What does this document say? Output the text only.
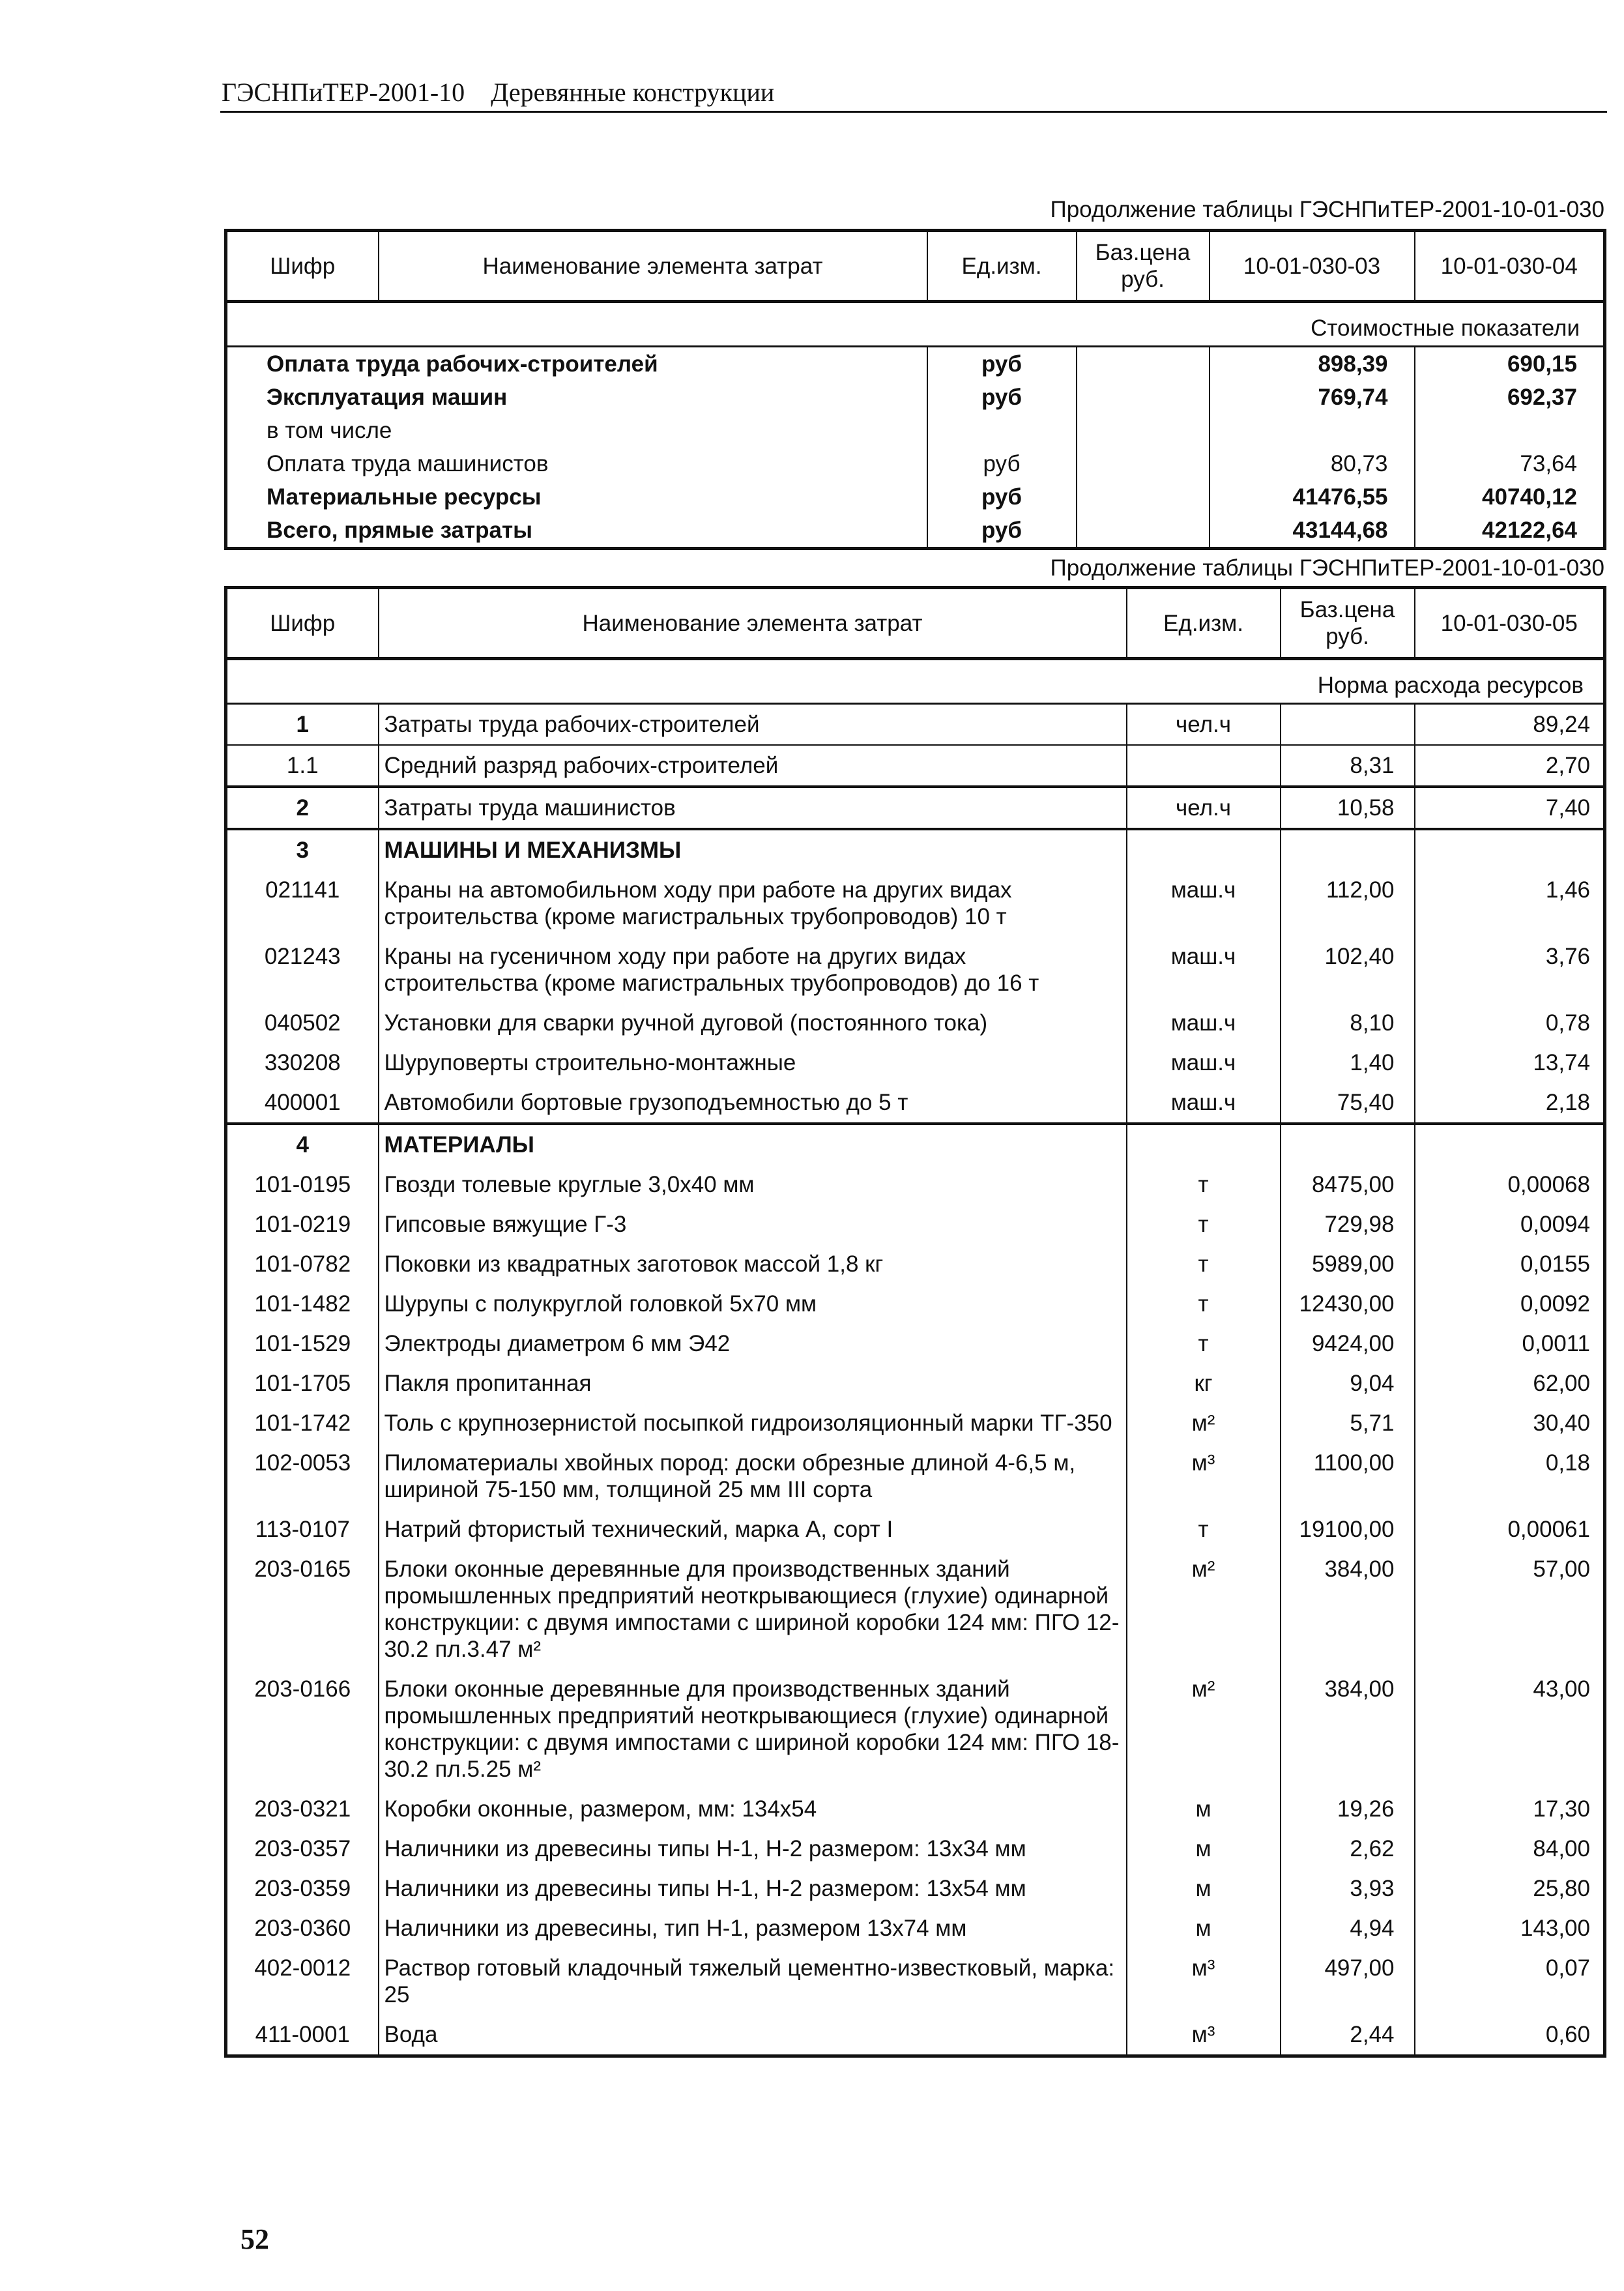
ГЭСНПиТЕР-2001-10 Деревянные конструкции
Продолжение таблицы ГЭСНПиТЕР-2001-10-01-030
Шифр	Наименование элемента затрат	Ед.изм.	Баз.цена руб.	10-01-030-03	10-01-030-04
Стоимостные показатели					
Оплата труда рабочих-строителей		руб		898,39	690,15
Эксплуатация машин		руб		769,74	692,37
в том числе					
Оплата труда машинистов		руб		80,73	73,64
Материальные ресурсы		руб		41476,55	40740,12
Всего, прямые затраты		руб		43144,68	42122,64
Продолжение таблицы ГЭСНПиТЕР-2001-10-01-030
Шифр	Наименование элемента затрат	Ед.изм.	Баз.цена руб.	10-01-030-05
Норма расхода ресурсов				
1	Затраты труда рабочих-строителей	чел.ч		89,24
1.1	Средний разряд рабочих-строителей		8,31	2,70
2	Затраты труда машинистов	чел.ч	10,58	7,40
3	МАШИНЫ И МЕХАНИЗМЫ			
021141	Краны на автомобильном ходу при работе на других видах строительства (кроме магистральных трубопроводов) 10 т	маш.ч	112,00	1,46
021243	Краны на гусеничном ходу при работе на других видах строительства (кроме магистральных трубопроводов) до 16 т	маш.ч	102,40	3,76
040502	Установки для сварки ручной дуговой (постоянного тока)	маш.ч	8,10	0,78
330208	Шуруповерты строительно-монтажные	маш.ч	1,40	13,74
400001	Автомобили бортовые грузоподъемностью до 5 т	маш.ч	75,40	2,18
4	МАТЕРИАЛЫ			
101-0195	Гвозди толевые круглые 3,0х40 мм	т	8475,00	0,00068
101-0219	Гипсовые вяжущие Г-3	т	729,98	0,0094
101-0782	Поковки из квадратных заготовок массой 1,8 кг	т	5989,00	0,0155
101-1482	Шурупы с полукруглой головкой 5х70 мм	т	12430,00	0,0092
101-1529	Электроды диаметром 6 мм Э42	т	9424,00	0,0011
101-1705	Пакля пропитанная	кг	9,04	62,00
101-1742	Толь с крупнозернистой посыпкой гидроизоляционный марки ТГ-350	м²	5,71	30,40
102-0053	Пиломатериалы хвойных пород: доски обрезные длиной 4-6,5 м, шириной 75-150 мм, толщиной 25 мм III сорта	м³	1100,00	0,18
113-0107	Натрий фтористый технический, марка А, сорт I	т	19100,00	0,00061
203-0165	Блоки оконные деревянные для производственных зданий промышленных предприятий неоткрывающиеся (глухие) одинарной конструкции: с двумя импостами с шириной коробки 124 мм: ПГО 12-30.2 пл.3.47 м²	м²	384,00	57,00
203-0166	Блоки оконные деревянные для производственных зданий промышленных предприятий неоткрывающиеся (глухие) одинарной конструкции: с двумя импостами с шириной коробки 124 мм: ПГО 18-30.2 пл.5.25 м²	м²	384,00	43,00
203-0321	Коробки оконные, размером, мм: 134х54	м	19,26	17,30
203-0357	Наличники из древесины типы Н-1, Н-2 размером: 13х34 мм	м	2,62	84,00
203-0359	Наличники из древесины типы Н-1, Н-2 размером: 13х54 мм	м	3,93	25,80
203-0360	Наличники из древесины, тип Н-1, размером 13х74 мм	м	4,94	143,00
402-0012	Раствор готовый кладочный тяжелый цементно-известковый, марка: 25	м³	497,00	0,07
411-0001	Вода	м³	2,44	0,60
52
